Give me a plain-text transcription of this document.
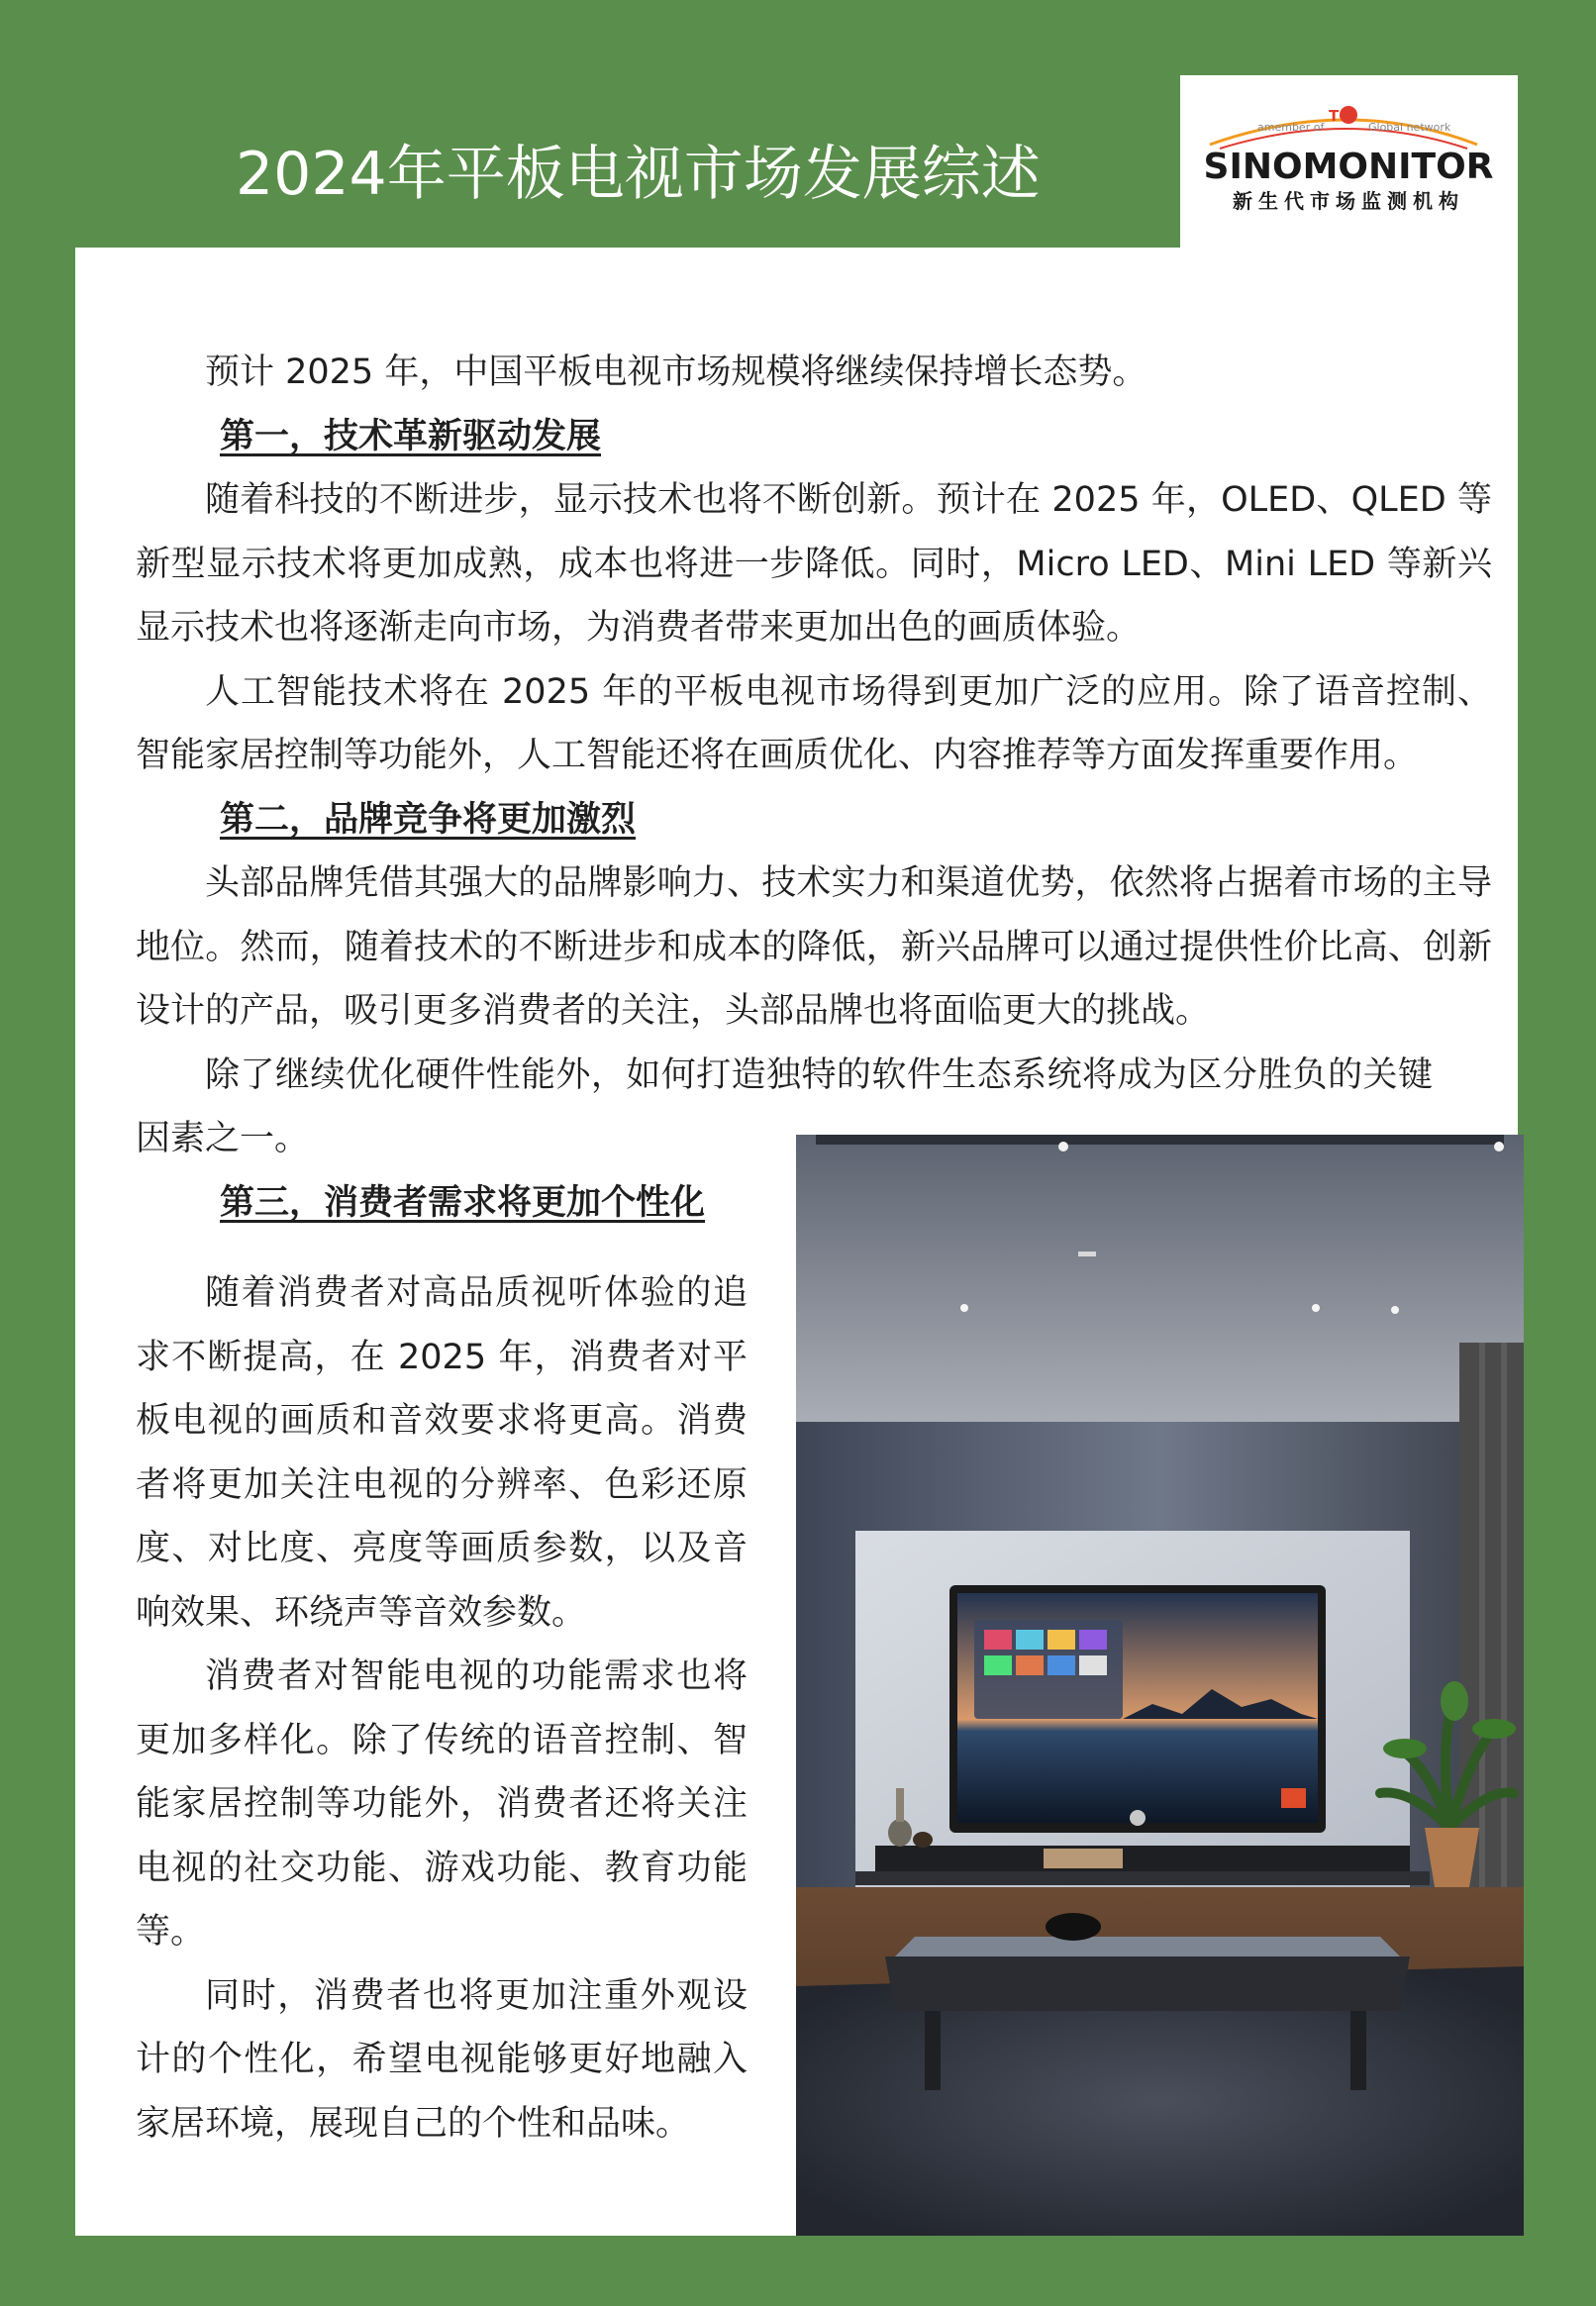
2024年平板电视市场发展综述
TGI
amember of	Global network
SINOMONITOR
新生代市场监测机构

预计 2025 年，中国平板电视市场规模将继续保持增长态势。

第一，技术革新驱动发展

随着科技的不断进步，显示技术也将不断创新。预计在 2025 年，OLED、QLED 等新型显示技术将更加成熟，成本也将进一步降低。同时，Micro LED、Mini LED 等新兴显示技术也将逐渐走向市场，为消费者带来更加出色的画质体验。

人工智能技术将在 2025 年的平板电视市场得到更加广泛的应用。除了语音控制、智能家居控制等功能外，人工智能还将在画质优化、内容推荐等方面发挥重要作用。

第二，品牌竞争将更加激烈

头部品牌凭借其强大的品牌影响力、技术实力和渠道优势，依然将占据着市场的主导地位。然而，随着技术的不断进步和成本的降低，新兴品牌可以通过提供性价比高、创新设计的产品，吸引更多消费者的关注，头部品牌也将面临更大的挑战。

除了继续优化硬件性能外，如何打造独特的软件生态系统将成为区分胜负的关键因素之一。

第三，消费者需求将更加个性化

随着消费者对高品质视听体验的追求不断提高，在 2025 年，消费者对平板电视的画质和音效要求将更高。消费者将更加关注电视的分辨率、色彩还原度、对比度、亮度等画质参数，以及音响效果、环绕声等音效参数。

消费者对智能电视的功能需求也将更加多样化。除了传统的语音控制、智能家居控制等功能外，消费者还将关注电视的社交功能、游戏功能、教育功能等。

同时，消费者也将更加注重外观设计的个性化，希望电视能够更好地融入家居环境，展现自己的个性和品味。
